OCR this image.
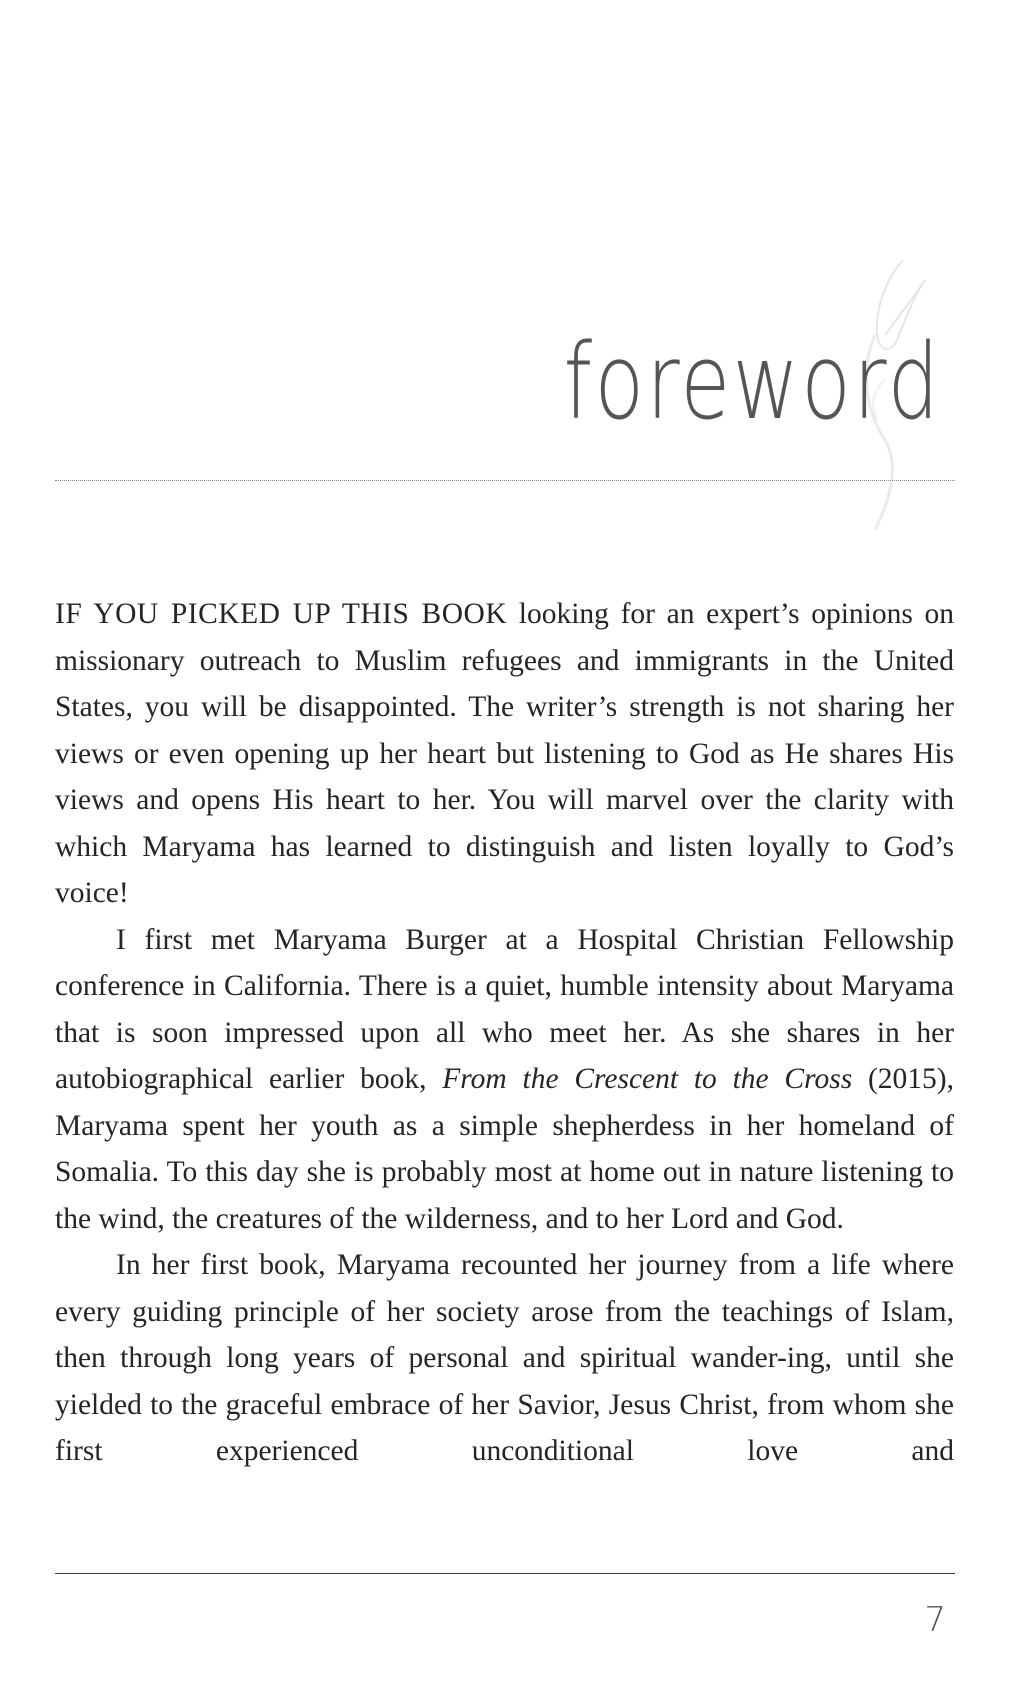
foreword

IF YOU PICKED UP THIS BOOK looking for an expert’s opinions on missionary outreach to Muslim refugees and immigrants in the United States, you will be disappointed. The writer’s strength is not sharing her views or even opening up her heart but listening to God as He shares His views and opens His heart to her. You will marvel over the clarity with which Maryama has learned to distinguish and listen loyally to God’s voice!

I first met Maryama Burger at a Hospital Christian Fellowship conference in California. There is a quiet, humble intensity about Maryama that is soon impressed upon all who meet her. As she shares in her autobiographical earlier book, From the Crescent to the Cross (2015), Maryama spent her youth as a simple shepherdess in her homeland of Somalia. To this day she is probably most at home out in nature listening to the wind, the creatures of the wilderness, and to her Lord and God.

In her first book, Maryama recounted her journey from a life where every guiding principle of her society arose from the teachings of Islam, then through long years of personal and spiritual wander-ing, until she yielded to the graceful embrace of her Savior, Jesus Christ, from whom she first experienced unconditional love and

7
